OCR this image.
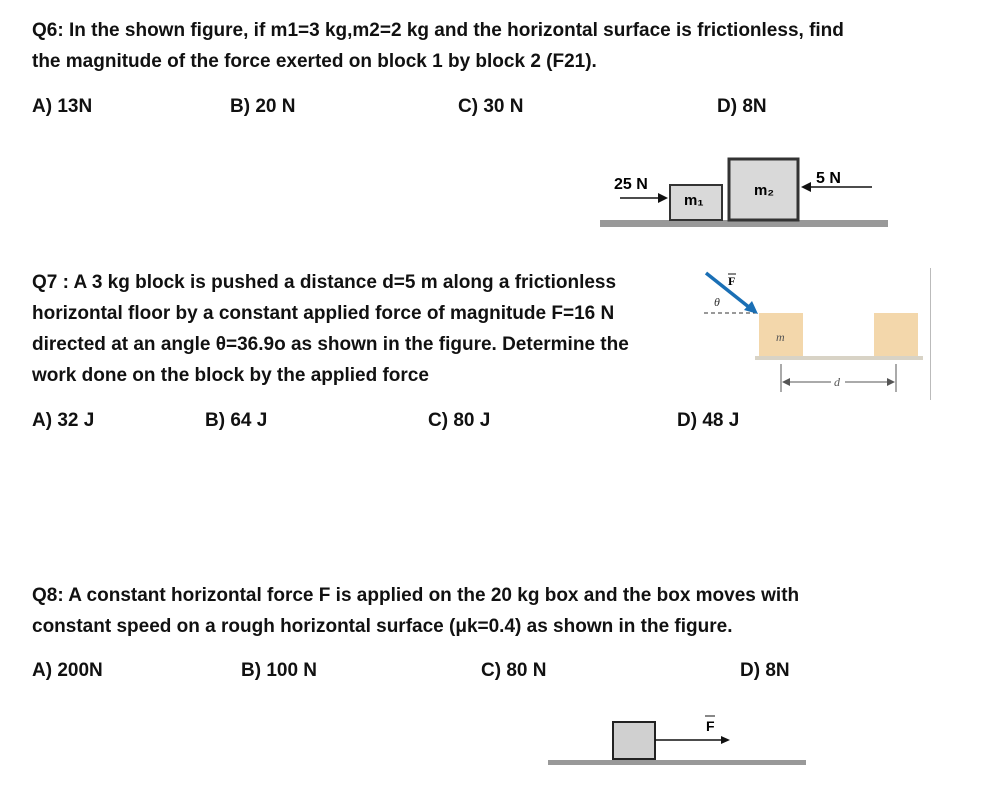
Q6: In the shown figure, if m1=3 kg,m2=2 kg and the horizontal surface is frictionless, find
the magnitude of the force exerted on block 1 by block 2 (F21).
A) 13N	B) 20 N	C) 30 N	D) 8N
m₁
m₂
25 N	5 N
Q7 : A 3 kg block is pushed a distance d=5 m along a frictionless
horizontal floor by a constant applied force of magnitude F=16 N
directed at an angle θ=36.9o as shown in the figure. Determine the
work done on the block by the applied force
A) 32 J	B) 64 J	C) 80 J	D) 48 J
m
F
θ
d
Q8: A constant horizontal force F is applied on the 20 kg box and the box moves with
constant speed on a rough horizontal surface (μk=0.4) as shown in the figure.
A) 200N	B) 100 N	C) 80 N	D) 8N
F
